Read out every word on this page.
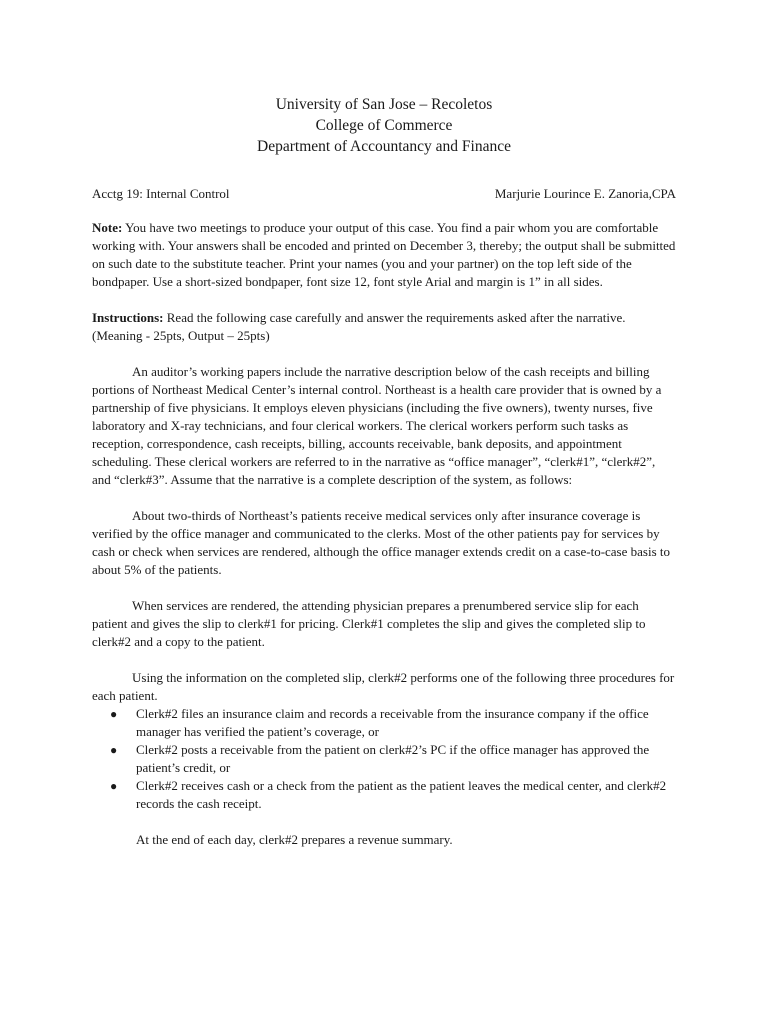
University of San Jose – Recoletos
College of Commerce
Department of Accountancy and Finance
Acctg 19: Internal Control	Marjurie Lourince E. Zanoria,CPA

Note: You have two meetings to produce your output of this case. You find a pair whom you are comfortable working with. Your answers shall be encoded and printed on December 3, thereby; the output shall be submitted on such date to the substitute teacher. Print your names (you and your partner) on the top left side of the bondpaper. Use a short-sized bondpaper, font size 12, font style Arial and margin is 1” in all sides.

Instructions: Read the following case carefully and answer the requirements asked after the narrative. (Meaning - 25pts, Output – 25pts)

An auditor’s working papers include the narrative description below of the cash receipts and billing portions of Northeast Medical Center’s internal control. Northeast is a health care provider that is owned by a partnership of five physicians. It employs eleven physicians (including the five owners), twenty nurses, five laboratory and X-ray technicians, and four clerical workers. The clerical workers perform such tasks as reception, correspondence, cash receipts, billing, accounts receivable, bank deposits, and appointment scheduling. These clerical workers are referred to in the narrative as “office manager”, “clerk#1”, “clerk#2”, and “clerk#3”. Assume that the narrative is a complete description of the system, as follows:

About two-thirds of Northeast’s patients receive medical services only after insurance coverage is verified by the office manager and communicated to the clerks. Most of the other patients pay for services by cash or check when services are rendered, although the office manager extends credit on a case-to-case basis to about 5% of the patients.

When services are rendered, the attending physician prepares a prenumbered service slip for each patient and gives the slip to clerk#1 for pricing. Clerk#1 completes the slip and gives the completed slip to clerk#2 and a copy to the patient.

Using the information on the completed slip, clerk#2 performs one of the following three procedures for each patient.

● Clerk#2 files an insurance claim and records a receivable from the insurance company if the office manager has verified the patient’s coverage, or
● Clerk#2 posts a receivable from the patient on clerk#2’s PC if the office manager has approved the patient’s credit, or
● Clerk#2 receives cash or a check from the patient as the patient leaves the medical center, and clerk#2 records the cash receipt.

At the end of each day, clerk#2 prepares a revenue summary.
